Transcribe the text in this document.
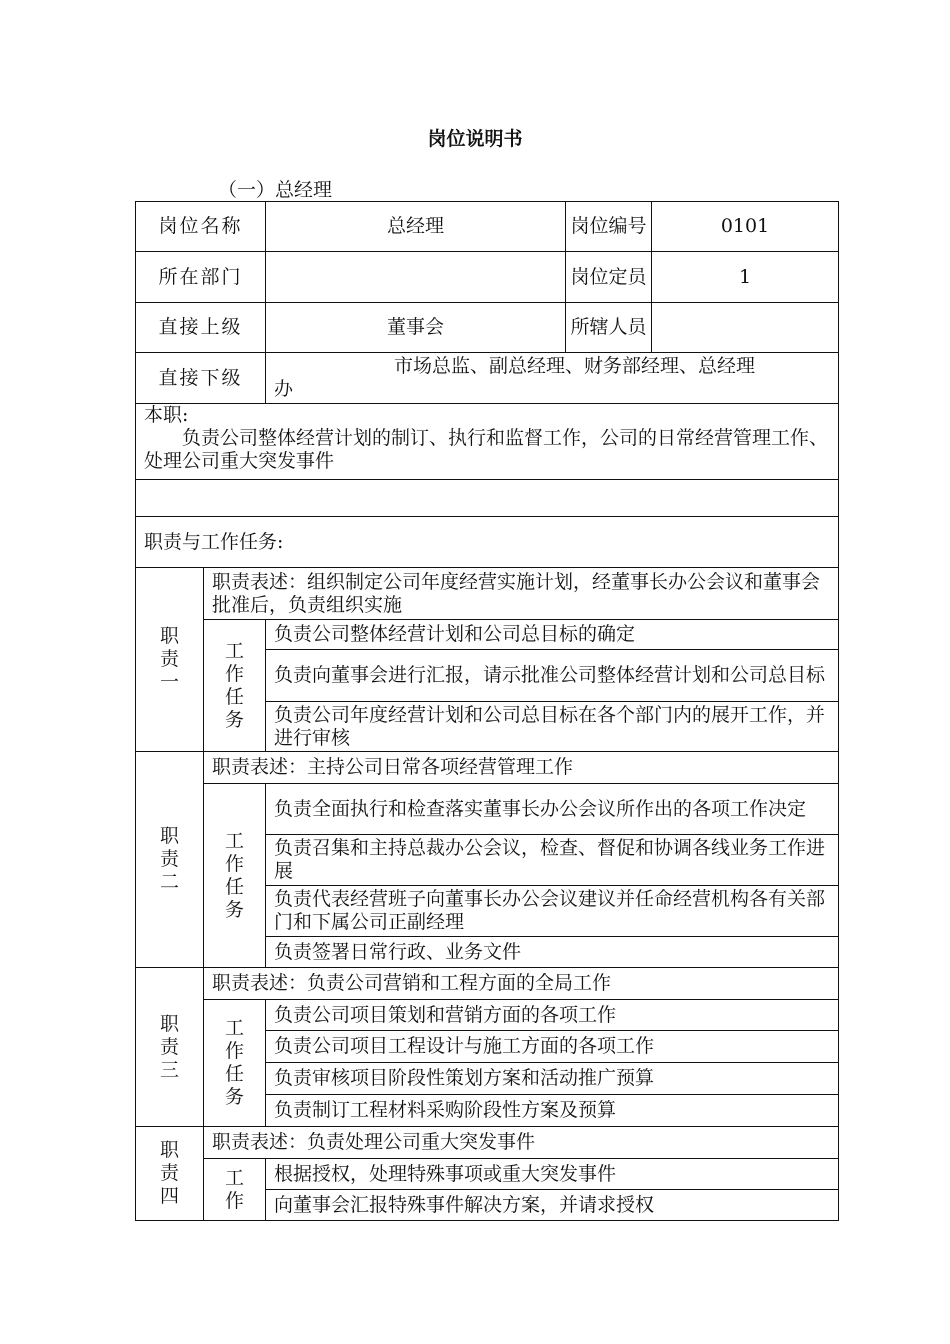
岗位说明书
（一）总经理
岗位名称		总经理	岗位编号	0101
所在部门			岗位定员	1
直接上级		董事会	所辖人员	
直接下级		市场总监、副总经理、财务部经理、总经理
办		

本职:
负责公司整体经营计划的制订、执行和监督工作，公司的日常经营管理工作、处理公司重大突发事件				

职责与工作任务:				

职
责
一	职责表述：组织制定公司年度经营实施计划，经董事长办公会议和董事会批准后，负责组织实施			

	工
作
任
务	负责公司整体经营计划和公司总目标的确定		
		负责向董事会进行汇报，请示批准公司整体经营计划和公司总目标		
		负责公司年度经营计划和公司总目标在各个部门内的展开工作，并进行审核		

职
责
二	职责表述：主持公司日常各项经营管理工作			

	工
作
任
务	负责全面执行和检查落实董事长办公会议所作出的各项工作决定		
		负责召集和主持总裁办公会议，检查、督促和协调各线业务工作进展		
		负责代表经营班子向董事长办公会议建议并任命经营机构各有关部门和下属公司正副经理		
		负责签署日常行政、业务文件		

职
责
三	职责表述：负责公司营销和工程方面的全局工作			

	工
作
任
务	负责公司项目策划和营销方面的各项工作		
		负责公司项目工程设计与施工方面的各项工作		
		负责审核项目阶段性策划方案和活动推广预算		
		负责制订工程材料采购阶段性方案及预算		

职
责
四	职责表述：负责处理公司重大突发事件			

	工
作	根据授权，处理特殊事项或重大突发事件		
		向董事会汇报特殊事件解决方案，并请求授权		
